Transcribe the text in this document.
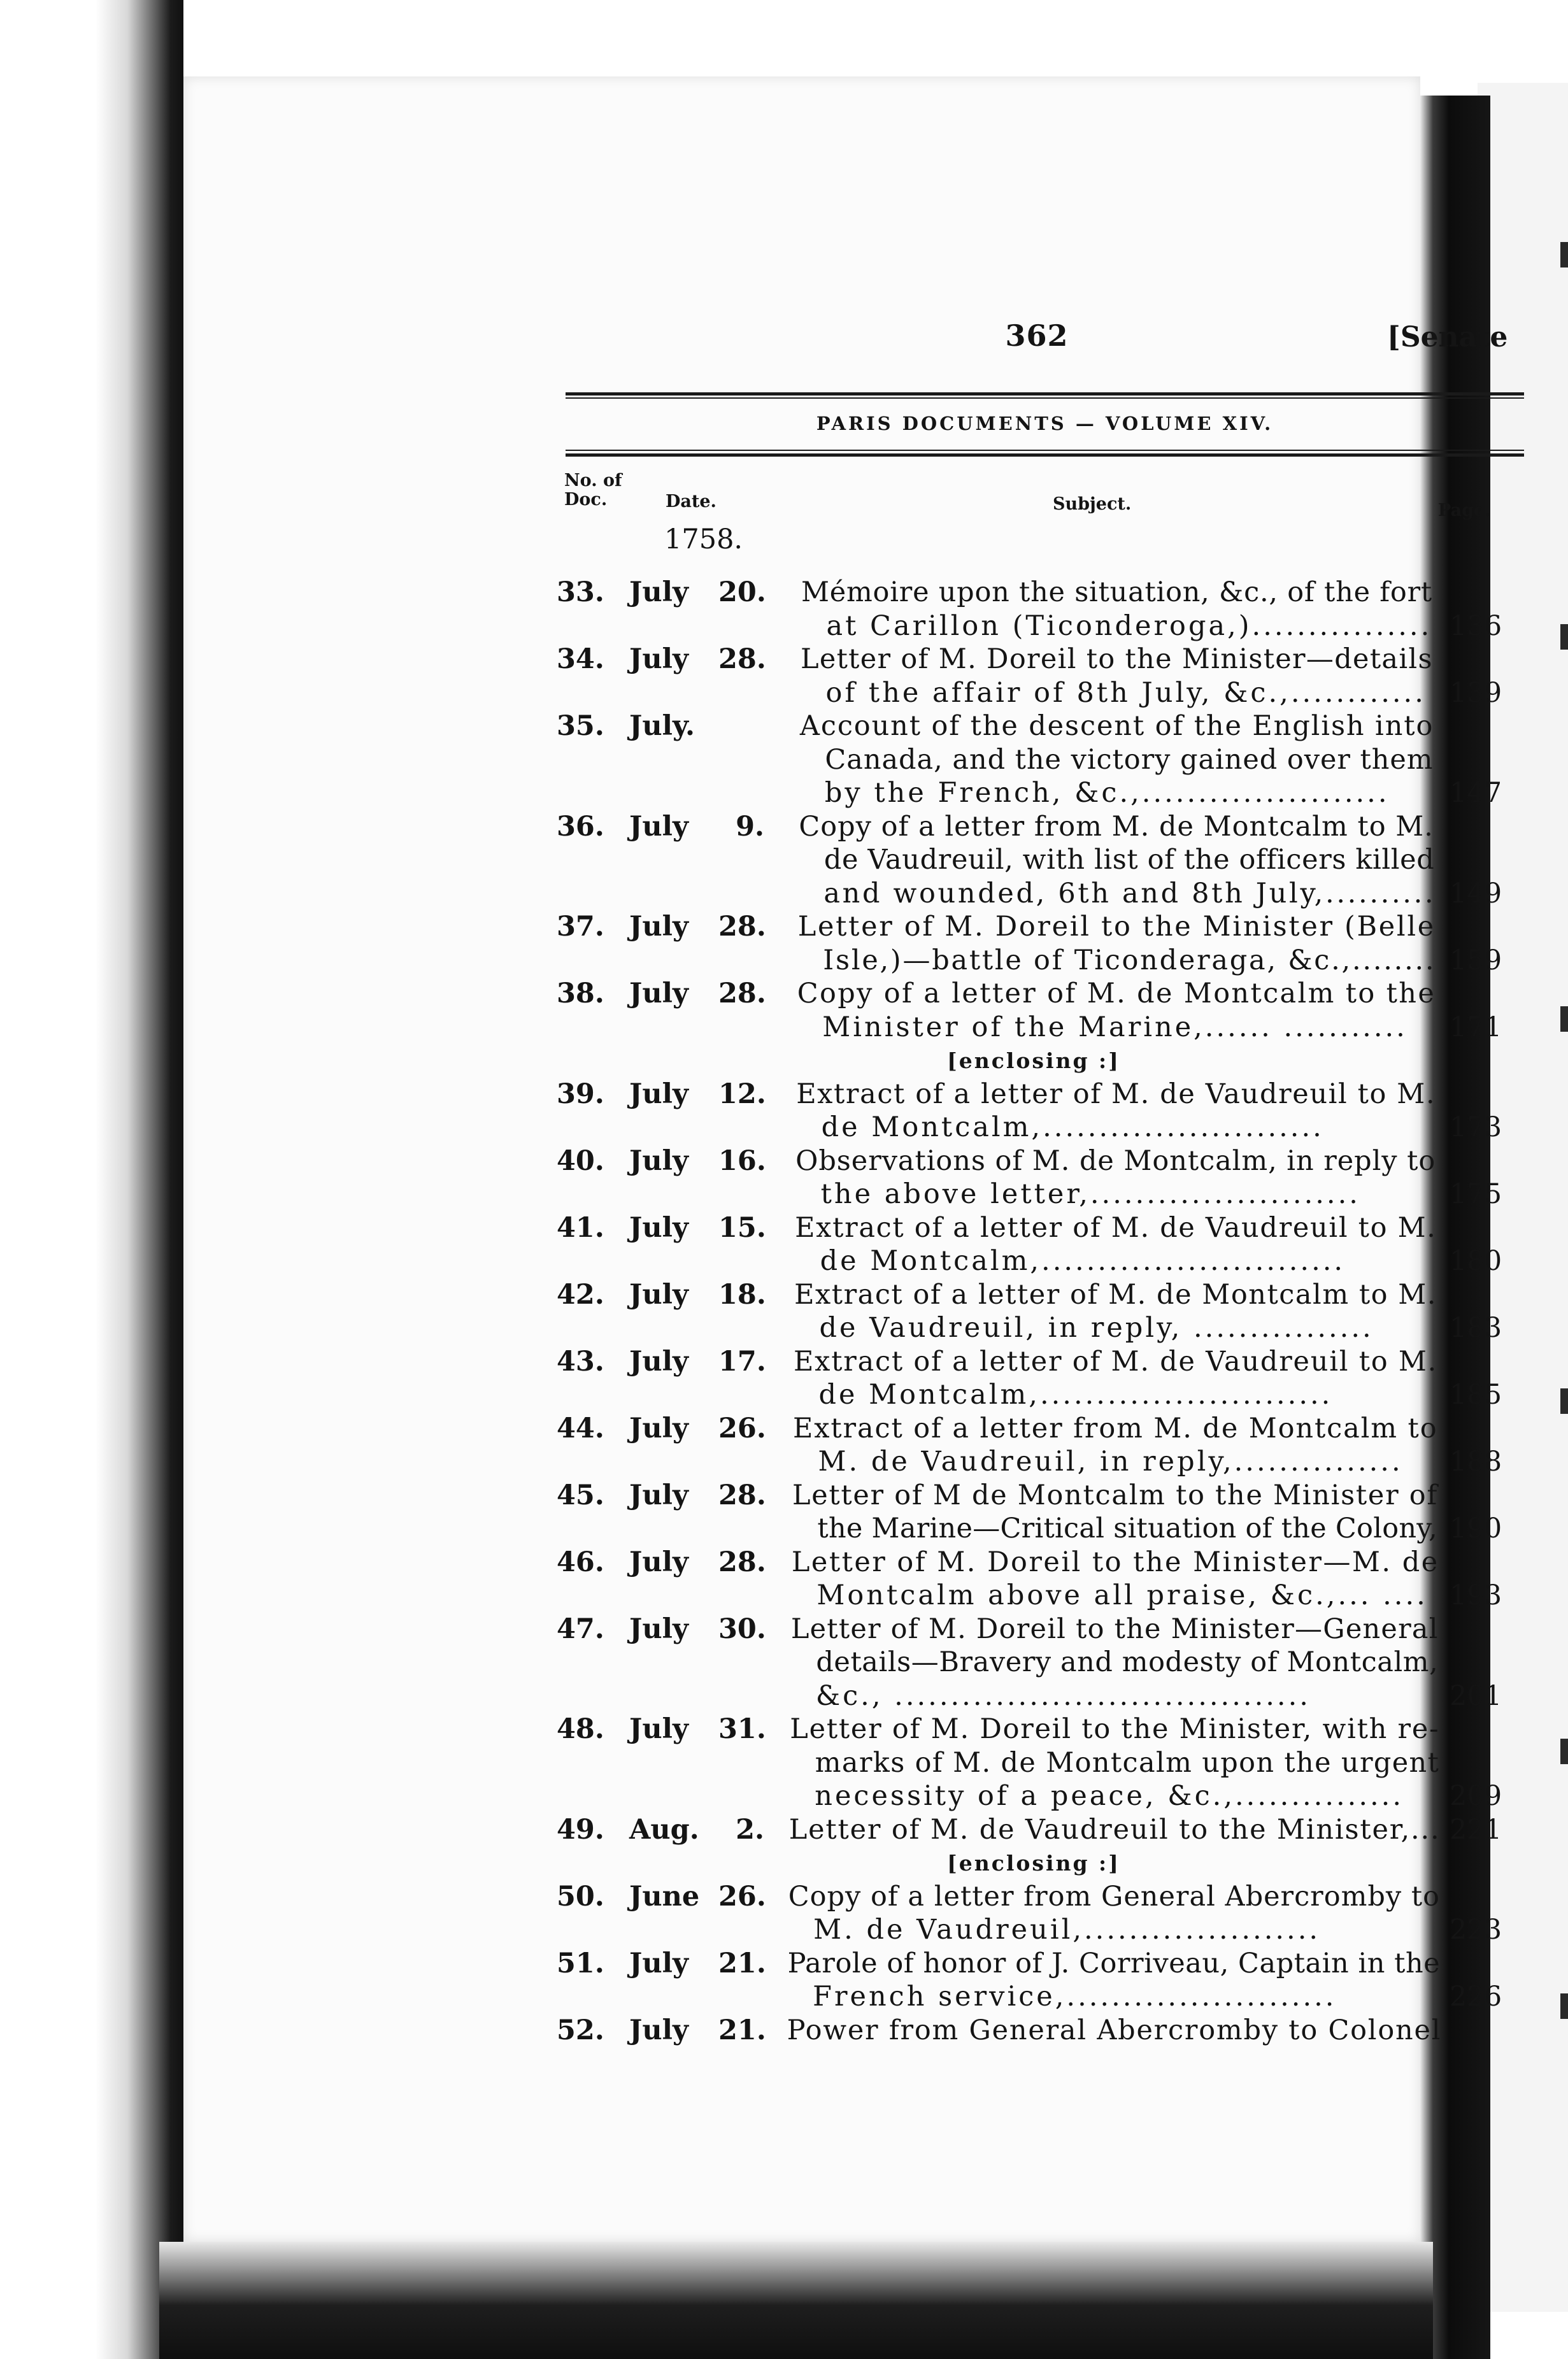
362	[Senate
PARIS DOCUMENTS — VOLUME XIV.
No. of
Doc.	Date.	Subject.	Page.
1758.
33. July 20. Mémoire upon the situation, &c., of the fort
at Carillon (Ticonderoga,)................ 136
34. July 28. Letter of M. Doreil to the Minister—details
of the affair of 8th July, &c.,............ 139
35. July.	Account of the descent of the English into
Canada, and the victory gained over them
by the French, &c.,...................... 147
36. July	9. Copy of a letter from M. de Montcalm to M.
de Vaudreuil, with list of the officers killed
and wounded, 6th and 8th July,.......... 149
37. July 28. Letter of M. Doreil to the Minister (Belle
Isle,)—battle of Ticonderaga, &c.,........ 159
38. July 28. Copy of a letter of M. de Montcalm to the
Minister of the Marine,...... ........... 171
[enclosing :]
39. July 12. Extract of a letter of M. de Vaudreuil to M.
de Montcalm,.........................	173
40. July 16. Observations of M. de Montcalm, in reply to
the above letter,........................	175
41. July 15. Extract of a letter of M. de Vaudreuil to M.
de Montcalm,...........................	180
42. July 18. Extract of a letter of M. de Montcalm to M.
de Vaudreuil, in reply, ................	183
43. July 17. Extract of a letter of M. de Vaudreuil to M.
de Montcalm,..........................	185
44. July 26. Extract of a letter from M. de Montcalm to
M. de Vaudreuil, in reply,............... 188
45. July 28. Letter of M de Montcalm to the Minister of
the Marine—Critical situation of the Colony, 190
46. July 28. Letter of M. Doreil to the Minister—M. de
Montcalm above all praise, &c.,... .... 193
47. July 30. Letter of M. Doreil to the Minister—General
details—Bravery and modesty of Montcalm,
&c., .....................................	201
48. July 31. Letter of M. Doreil to the Minister, with re-
marks of M. de Montcalm upon the urgent
necessity of a peace, &c.,............... 209
49. Aug.	2. Letter of M. de Vaudreuil to the Minister,... 221
[enclosing :]
50. June 26. Copy of a letter from General Abercromby to
M. de Vaudreuil,.....................	223
51. July 21. Parole of honor of J. Corriveau, Captain in the
French service,........................	226
52. July 21. Power from General Abercromby to Colonel
